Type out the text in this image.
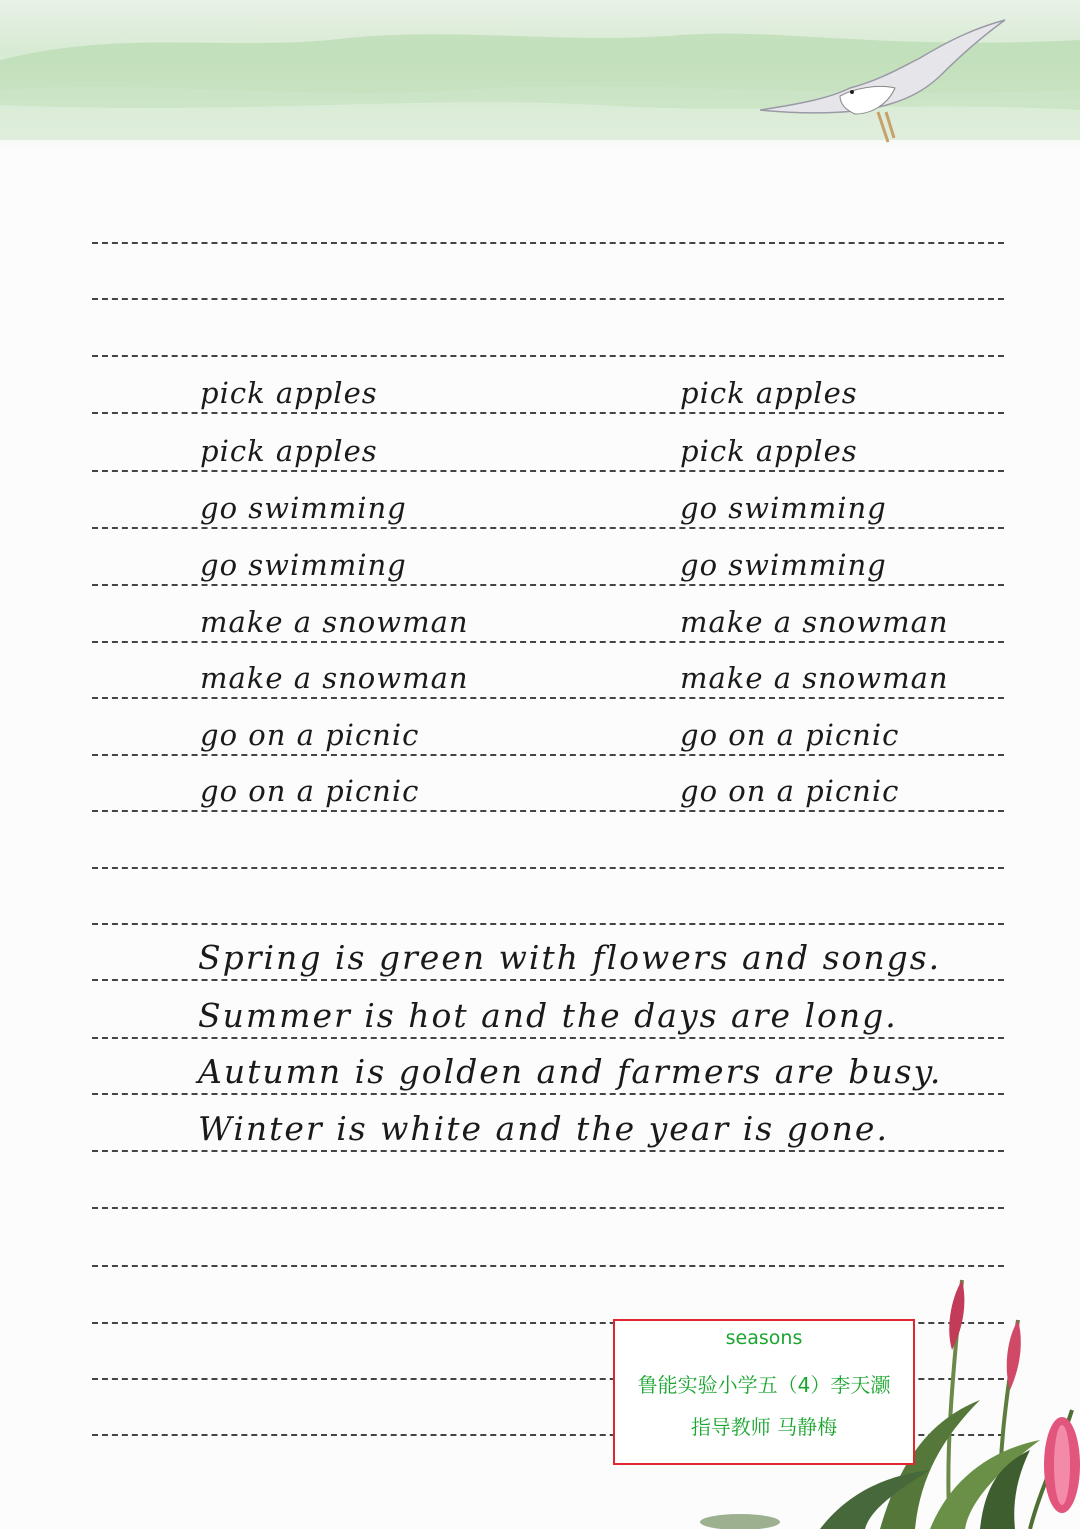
pick apples
pick apples
go swimming
go swimming
make a snowman
make a snowman
go on a picnic
go on a picnic
pick apples
pick apples
go swimming
go swimming
make a snowman
make a snowman
go on a picnic
go on a picnic
Spring is green with flowers and songs.
Summer is hot and the days are long.
Autumn is golden and farmers are busy.
Winter is white and the year is gone.
seasons
鲁能实验小学五（4）李天灏
指导教师 马静梅
